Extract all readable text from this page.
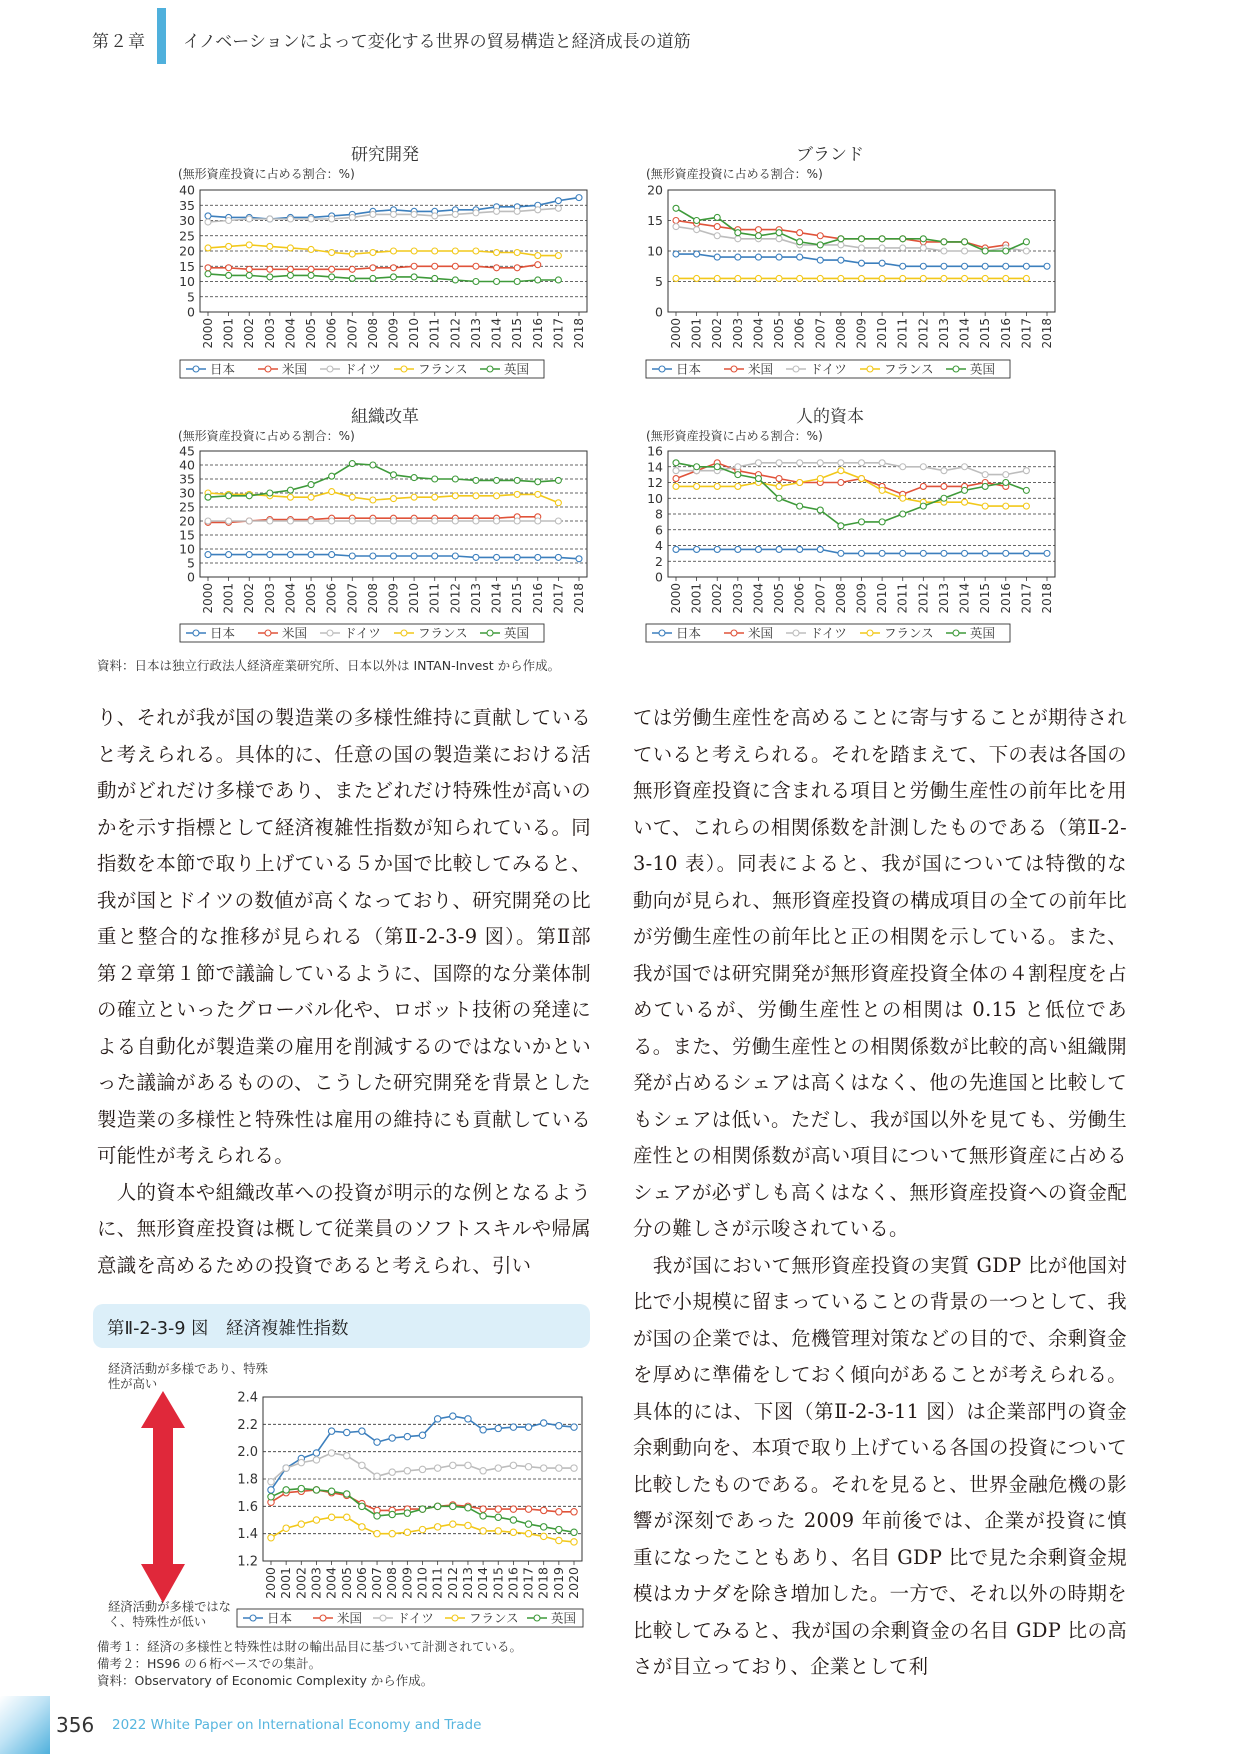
第２章 イノベーションによって変化する世界の貿易構造と経済成長の道筋
研究開発
(無形資産投資に占める割合：%)
0
5
10
15
20
25
30
35
40
2000 2001 2002 2003 2004 2005 2006 2007 2008 2009 2010 2011 2012 2013 2014 2015 2016 2017 2018
日本	米国	ドイツ	フランス	英国
ブランド
(無形資産投資に占める割合：%)
0
5
10
15
20
2000 2001 2002 2003 2004 2005 2006 2007 2008 2009 2010 2011 2012 2013 2014 2015 2016 2017 2018
日本	米国	ドイツ	フランス	英国
組織改革
(無形資産投資に占める割合：%)
0
5
10
15
20
25
30
35
40
45
2000 2001 2002 2003 2004 2005 2006 2007 2008 2009 2010 2011 2012 2013 2014 2015 2016 2017 2018
日本	米国	ドイツ	フランス	英国
人的資本
(無形資産投資に占める割合：%)
0
2
4
6
8
10
12
14
16
2000 2001 2002 2003 2004 2005 2006 2007 2008 2009 2010 2011 2012 2013 2014 2015 2016 2017 2018
日本	米国	ドイツ	フランス	英国
1.2
1.4
1.6
1.8
2.0
2.2
2.4
2000 2001 2002 2003 2004 2005 2006 2007 2008 2009 2010 2011 2012 2013 2014 2015 2016 2017 2018 2019 2020
日本	米国	ドイツ	フランス	英国
資料：日本は独立行政法人経済産業研究所、日本以外は INTAN-Invest から作成。

り、それが我が国の製造業の多様性維持に貢献していると考えられる。具体的に、任意の国の製造業における活動がどれだけ多様であり、またどれだけ特殊性が高いのかを示す指標として経済複雑性指数が知られている。同指数を本節で取り上げている５か国で比較してみると、我が国とドイツの数値が高くなっており、研究開発の比重と整合的な推移が見られる（第Ⅱ-2-3-9 図）。第Ⅱ部第２章第１節で議論しているように、国際的な分業体制の確立といったグローバル化や、ロボット技術の発達による自動化が製造業の雇用を削減するのではないかといった議論があるものの、こうした研究開発を背景とした製造業の多様性と特殊性は雇用の維持にも貢献している可能性が考えられる。

　人的資本や組織改革への投資が明示的な例となるように、無形資産投資は概して従業員のソフトスキルや帰属意識を高めるための投資であると考えられ、引い

ては労働生産性を高めることに寄与することが期待されていると考えられる。それを踏まえて、下の表は各国の無形資産投資に含まれる項目と労働生産性の前年比を用いて、これらの相関係数を計測したものである（第Ⅱ-2-3-10 表）。同表によると、我が国については特徴的な動向が見られ、無形資産投資の構成項目の全ての前年比が労働生産性の前年比と正の相関を示している。また、我が国では研究開発が無形資産投資全体の４割程度を占めているが、労働生産性との相関は 0.15 と低位である。また、労働生産性との相関係数が比較的高い組織開発が占めるシェアは高くはなく、他の先進国と比較してもシェアは低い。ただし、我が国以外を見ても、労働生産性との相関係数が高い項目について無形資産に占めるシェアが必ずしも高くはなく、無形資産投資への資金配分の難しさが示唆されている。

　我が国において無形資産投資の実質 GDP 比が他国対比で小規模に留まっていることの背景の一つとして、我が国の企業では、危機管理対策などの目的で、余剰資金を厚めに準備をしておく傾向があることが考えられる。具体的には、下図（第Ⅱ-2-3-11 図）は企業部門の資金余剰動向を、本項で取り上げている各国の投資について比較したものである。それを見ると、世界金融危機の影響が深刻であった 2009 年前後では、企業が投資に慎重になったこともあり、名目 GDP 比で見た余剰資金規模はカナダを除き増加した。一方で、それ以外の時期を比較してみると、我が国の余剰資金の名目 GDP 比の高さが目立っており、企業として利

第Ⅱ-2-3-9 図　経済複雑性指数
経済活動が多様であり、特殊性が高い
経済活動が多様ではなく、特殊性が低い
備考１：経済の多様性と特殊性は財の輸出品目に基づいて計測されている。
備考２：HS96 の６桁ベースでの集計。
資料：Observatory of Economic Complexity から作成。
356 2022 White Paper on International Economy and Trade
